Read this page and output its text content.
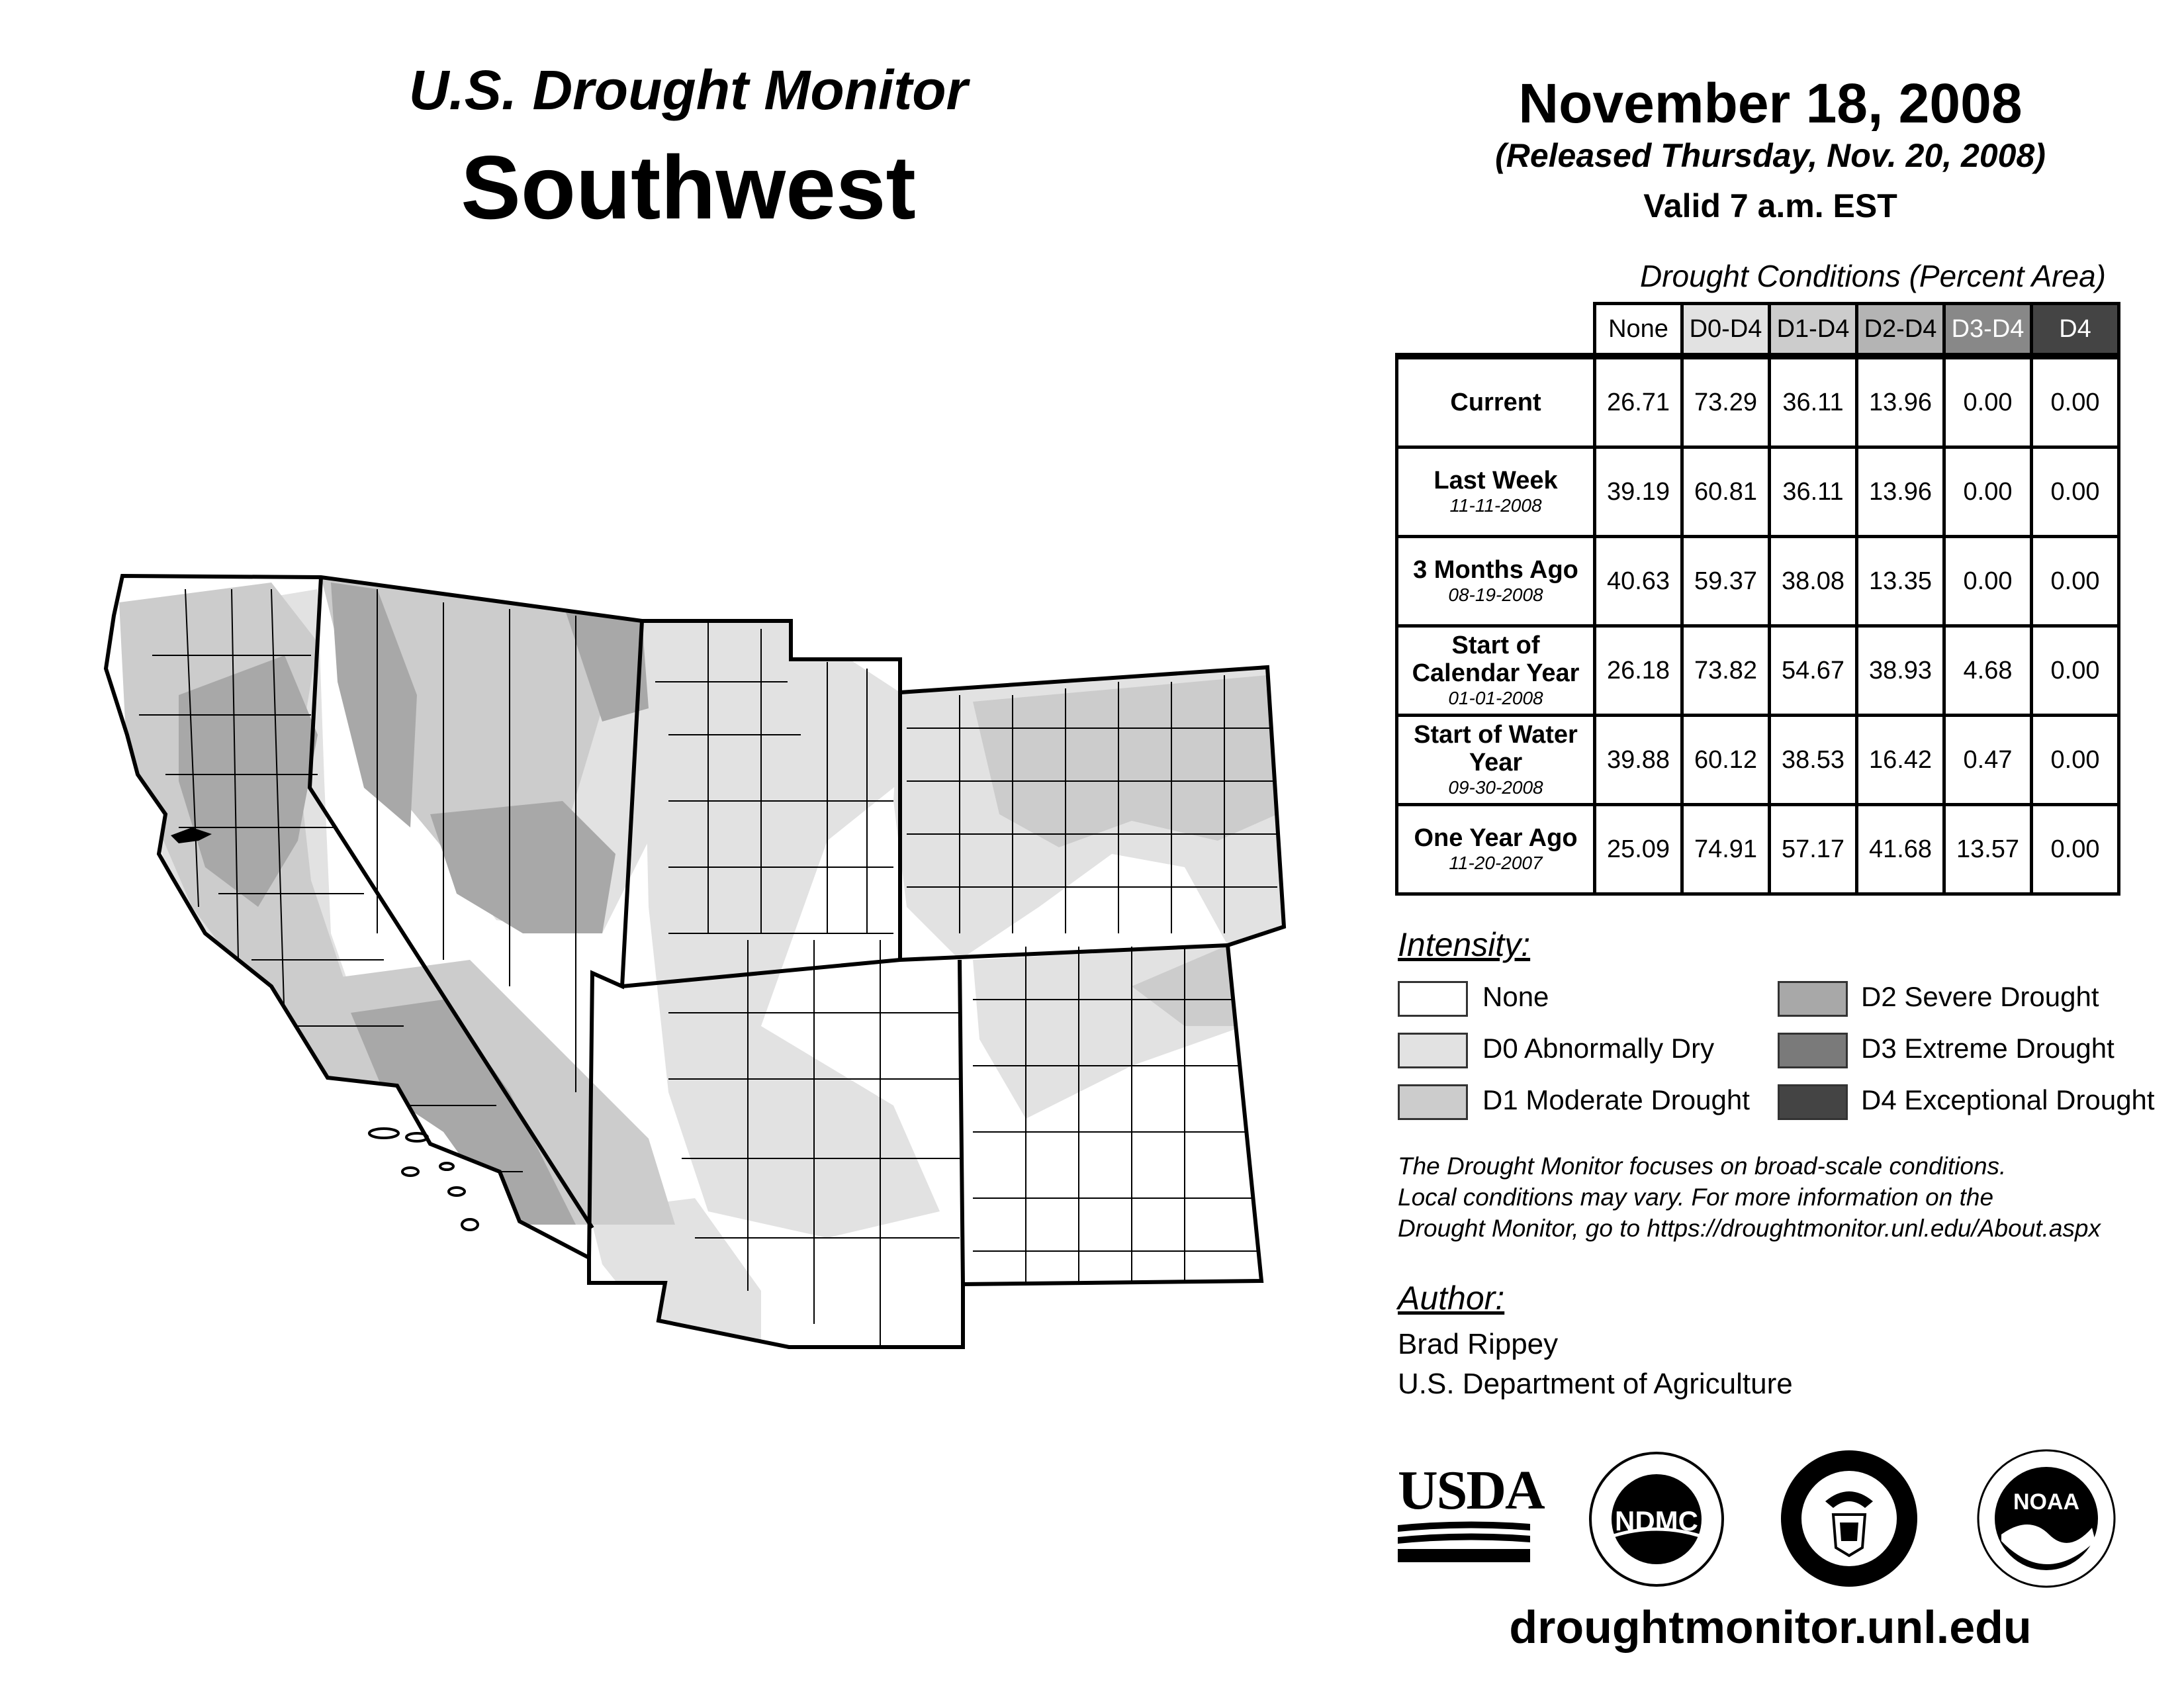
U.S. Drought Monitor
Southwest
November 18, 2008
(Released Thursday, Nov. 20, 2008)
Valid 7 a.m. EST
Drought Conditions (Percent Area)
	None	D0-D4	D1-D4	D2-D4	D3-D4	D4
Current	26.71	73.29	36.11	13.96	0.00	0.00
Last Week
11-11-2008	39.19	60.81	36.11	13.96	0.00	0.00
3 Months Ago
08-19-2008	40.63	59.37	38.08	13.35	0.00	0.00
Start of Calendar Year
01-01-2008	26.18	73.82	54.67	38.93	4.68	0.00
Start of Water Year
09-30-2008	39.88	60.12	38.53	16.42	0.47	0.00
One Year Ago
11-20-2007	25.09	74.91	57.17	41.68	13.57	0.00
Intensity:
None
D0 Abnormally Dry
D1 Moderate Drought
D2 Severe Drought
D3 Extreme Drought
D4 Exceptional Drought
The Drought Monitor focuses on broad-scale conditions.
Local conditions may vary. For more information on the
Drought Monitor, go to https://droughtmonitor.unl.edu/About.aspx
Author:
Brad Rippey
U.S. Department of Agriculture
USDA	NDMC
NOAA
droughtmonitor.unl.edu
